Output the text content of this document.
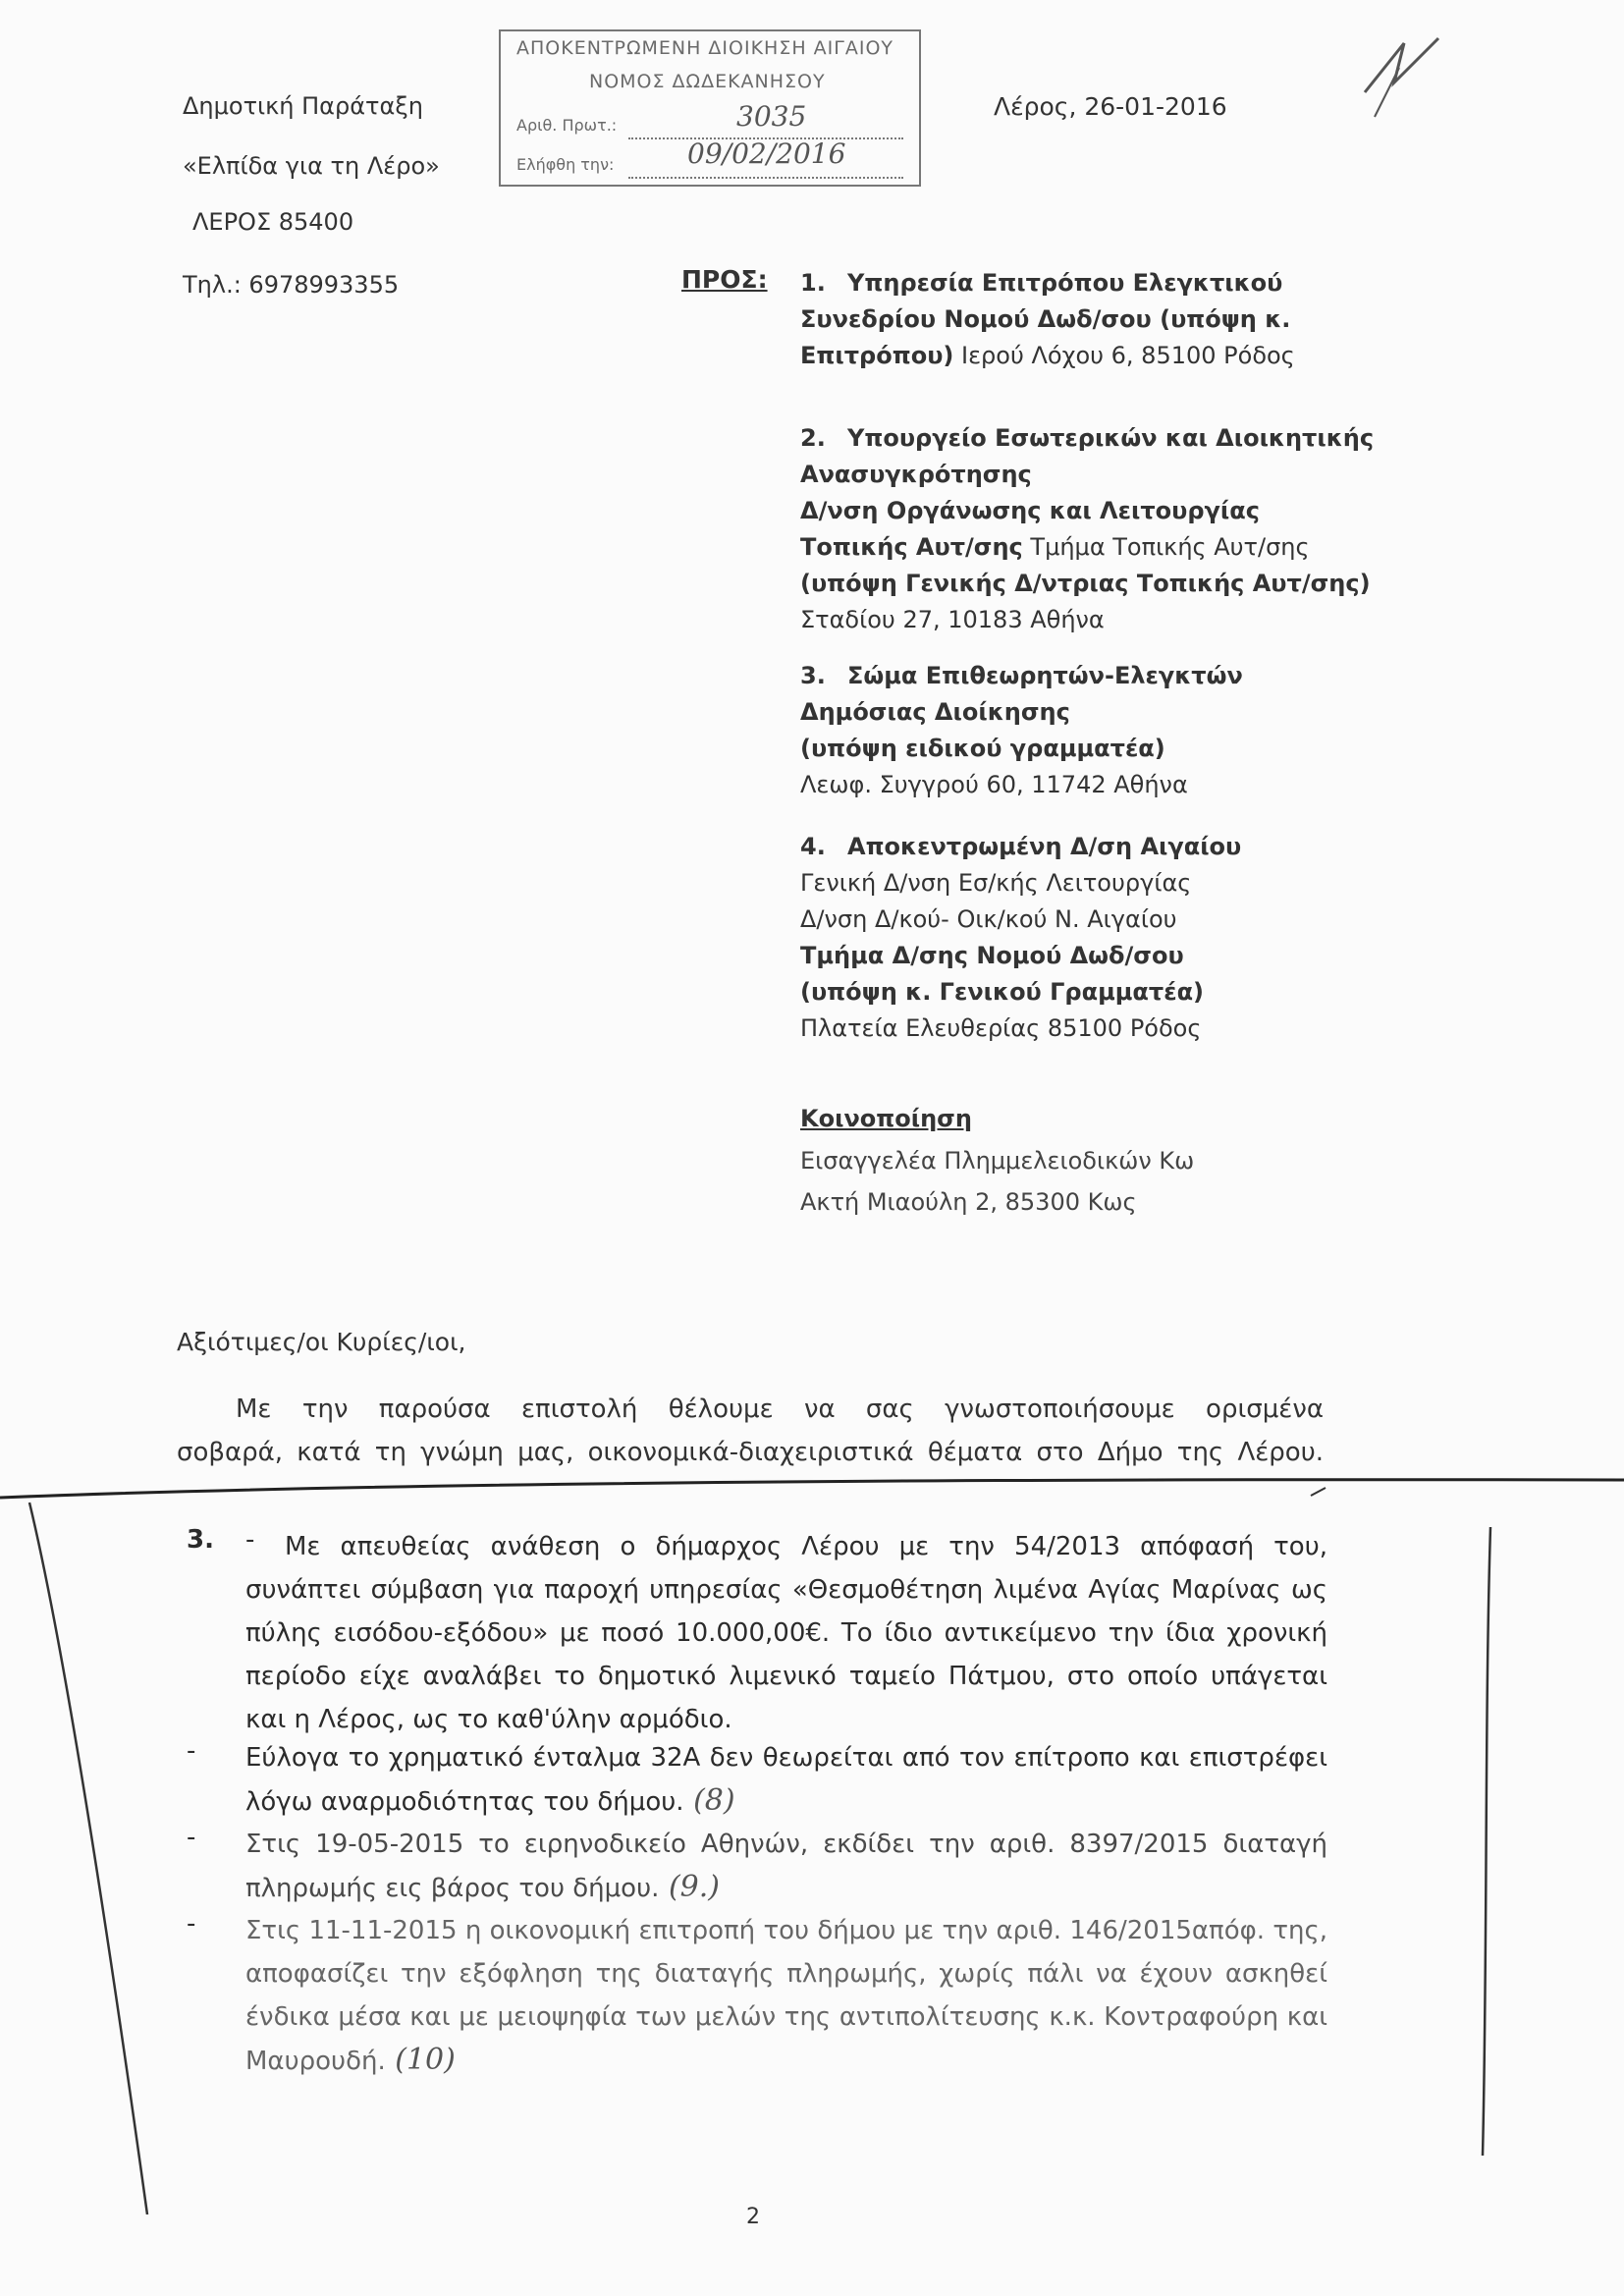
Δημοτική Παράταξη
«Ελπίδα για τη Λέρο»
ΛΕΡΟΣ 85400
Τηλ.: 6978993355
ΑΠΟΚΕΝΤΡΩΜΕΝΗ ΔΙΟΙΚΗΣΗ ΑΙΓΑΙΟΥ
ΝΟΜΟΣ ΔΩΔΕΚΑΝΗΣΟΥ
Αριθ. Πρωτ.:	3035
Ελήφθη την:	09/02/2016
Λέρος, 26-01-2016
ΠΡΟΣ: 1. Υπηρεσία Επιτρόπου Ελεγκτικού
Συνεδρίου Νομού Δωδ/σου (υπόψη κ.
Επιτρόπου) Ιερού Λόχου 6, 85100 Ρόδος
2. Υπουργείο Εσωτερικών και Διοικητικής
Ανασυγκρότησης
Δ/νση Οργάνωσης και Λειτουργίας
Τοπικής Αυτ/σης Τμήμα Τοπικής Αυτ/σης
(υπόψη Γενικής Δ/ντριας Τοπικής Αυτ/σης)
Σταδίου 27, 10183 Αθήνα
3. Σώμα Επιθεωρητών-Ελεγκτών
Δημόσιας Διοίκησης
(υπόψη ειδικού γραμματέα)
Λεωφ. Συγγρού 60, 11742 Αθήνα
4. Αποκεντρωμένη Δ/ση Αιγαίου
Γενική Δ/νση Εσ/κής Λειτουργίας
Δ/νση Δ/κού- Οικ/κού Ν. Αιγαίου
Τμήμα Δ/σης Νομού Δωδ/σου
(υπόψη κ. Γενικού Γραμματέα)
Πλατεία Ελευθερίας 85100 Ρόδος
Κοινοποίηση
Εισαγγελέα Πλημμελειοδικών Κω
Ακτή Μιαούλη 2, 85300 Κως
Αξιότιμες/οι Κυρίες/ιοι,
Με την παρούσα επιστολή θέλουμε να σας γνωστοποιήσουμε ορισμένα
σοβαρά, κατά τη γνώμη μας, οικονομικά-διαχειριστικά θέματα στο Δήμο της Λέρου.
3. -	Με απευθείας ανάθεση ο δήμαρχος Λέρου με την 54/2013 απόφασή του, συνάπτει σύμβαση για παροχή υπηρεσίας «Θεσμοθέτηση λιμένα Αγίας Μαρίνας ως πύλης εισόδου-εξόδου» με ποσό 10.000,00€. Το ίδιο αντικείμενο την ίδια χρονική περίοδο είχε αναλάβει το δημοτικό λιμενικό ταμείο Πάτμου, στο οποίο υπάγεται και η Λέρος, ως το καθ'ύλην αρμόδιο.
- Εύλογα το χρηματικό ένταλμα 32Α δεν θεωρείται από τον επίτροπο και επιστρέφει λόγω αναρμοδιότητας του δήμου. (8)
- Στις 19-05-2015 το ειρηνοδικείο Αθηνών, εκδίδει την αριθ. 8397/2015 διαταγή πληρωμής εις βάρος του δήμου. (9.)
- Στις 11-11-2015 η οικονομική επιτροπή του δήμου με την αριθ. 146/2015απόφ. της, αποφασίζει την εξόφληση της διαταγής πληρωμής, χωρίς πάλι να έχουν ασκηθεί ένδικα μέσα και με μειοψηφία των μελών της αντιπολίτευσης κ.κ. Κοντραφούρη και Μαυρουδή. (10)
2
